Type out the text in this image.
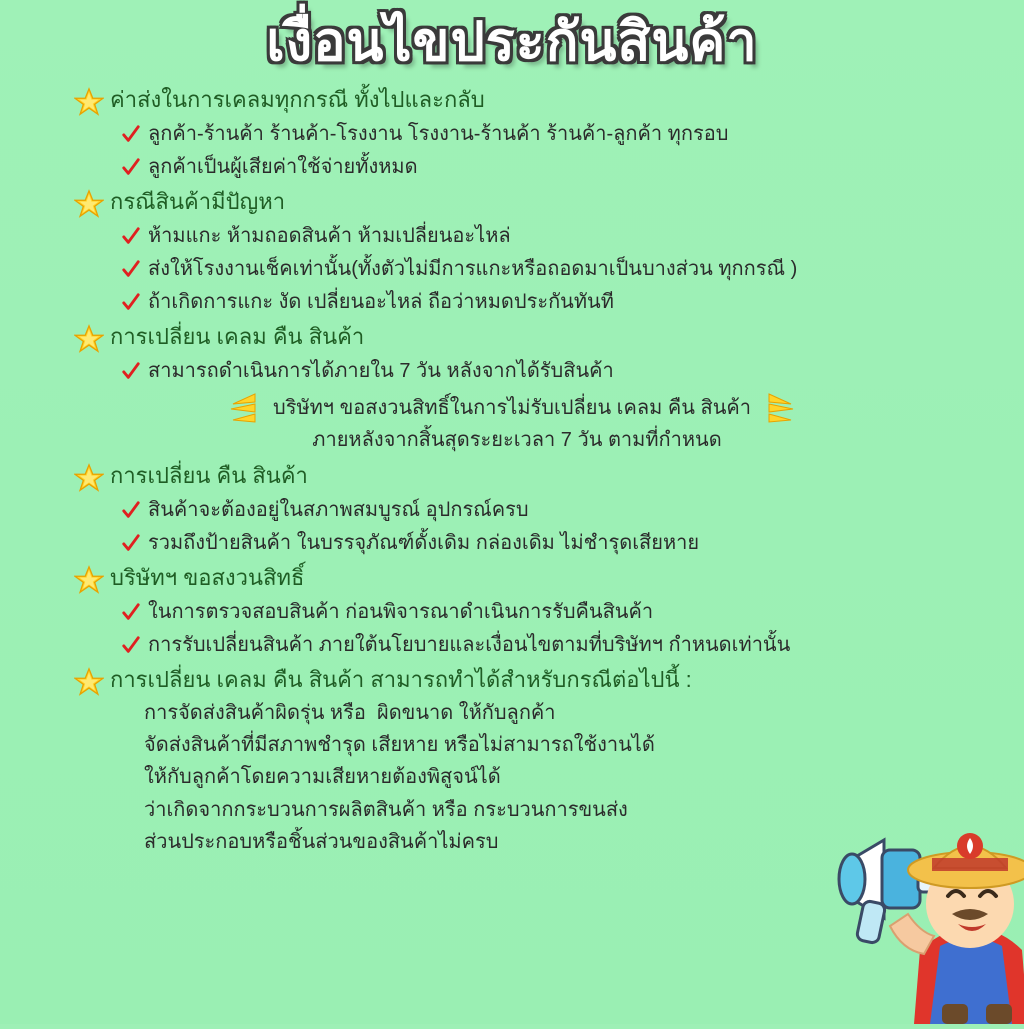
เงื่อนไขประกันสินค้า
ค่าส่งในการเคลมทุกกรณี ทั้งไปและกลับ
ลูกค้า-ร้านค้า ร้านค้า-โรงงาน โรงงาน-ร้านค้า ร้านค้า-ลูกค้า ทุกรอบ
ลูกค้าเป็นผู้เสียค่าใช้จ่ายทั้งหมด
กรณีสินค้ามีปัญหา
ห้ามแกะ ห้ามถอดสินค้า ห้ามเปลี่ยนอะไหล่
ส่งให้โรงงานเช็คเท่านั้น(ทั้งตัวไม่มีการแกะหรือถอดมาเป็นบางส่วน ทุกกรณี )
ถ้าเกิดการแกะ งัด เปลี่ยนอะไหล่ ถือว่าหมดประกันทันที
การเปลี่ยน เคลม คืน สินค้า
สามารถดำเนินการได้ภายใน 7 วัน หลังจากได้รับสินค้า
บริษัทฯ ขอสงวนสิทธิ์ในการไม่รับเปลี่ยน เคลม คืน สินค้า
ภายหลังจากสิ้นสุดระยะเวลา 7 วัน ตามที่กำหนด
การเปลี่ยน คืน สินค้า
สินค้าจะต้องอยู่ในสภาพสมบูรณ์ อุปกรณ์ครบ
รวมถึงป้ายสินค้า ในบรรจุภัณฑ์ดั้งเดิม กล่องเดิม ไม่ชำรุดเสียหาย
บริษัทฯ ขอสงวนสิทธิ์
ในการตรวจสอบสินค้า ก่อนพิจารณาดำเนินการรับคืนสินค้า
การรับเปลี่ยนสินค้า ภายใต้นโยบายและเงื่อนไขตามที่บริษัทฯ กำหนดเท่านั้น
การเปลี่ยน เคลม คืน สินค้า สามารถทำได้สำหรับกรณีต่อไปนี้ :
การจัดส่งสินค้าผิดรุ่น หรือ  ผิดขนาด ให้กับลูกค้า
จัดส่งสินค้าที่มีสภาพชำรุด เสียหาย หรือไม่สามารถใช้งานได้
ให้กับลูกค้าโดยความเสียหายต้องพิสูจน์ได้
ว่าเกิดจากกระบวนการผลิตสินค้า หรือ กระบวนการขนส่ง
ส่วนประกอบหรือชิ้นส่วนของสินค้าไม่ครบ
